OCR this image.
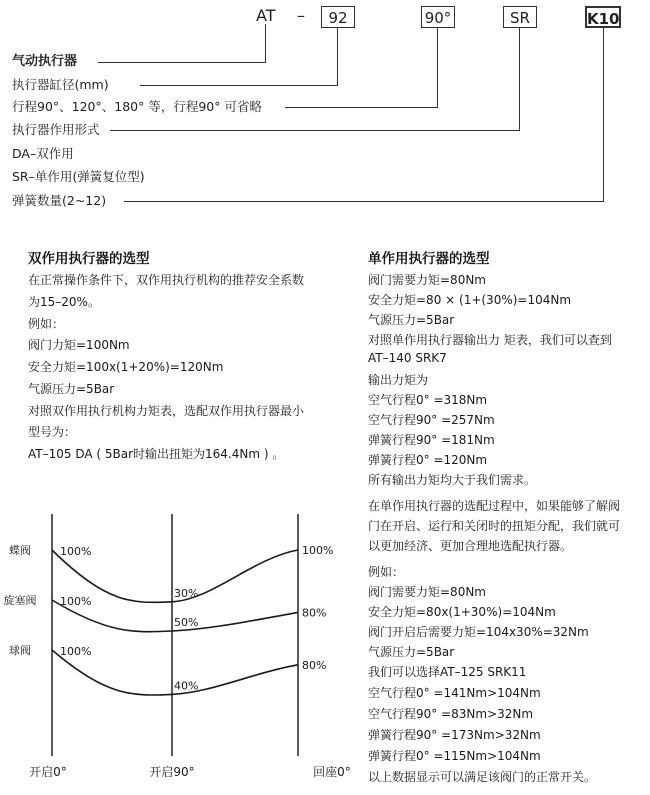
AT –	92	90°	SR	K10
气动执行器
执行器缸径(mm)
行程90°、120°、180° 等，行程90° 可省略
执行器作用形式
DA–双作用
SR–单作用(弹簧复位型)
弹簧数量(2~12)
双作用执行器的选型
在正常操作条件下，双作用执行机构的推荐安全系数
为15–20%。
例如：
阀门力矩=100Nm
安全力矩=100x(1+20%)=120Nm
气源压力=5Bar
对照双作用执行机构力矩表，选配双作用执行器最小
型号为：
AT–105 DA ( 5Bar时输出扭矩为164.4Nm ) 。
单作用执行器的选型
阀门需要力矩=80Nm
安全力矩=80 × (1+(30%)=104Nm
气源压力=5Bar
对照单作用执行器输出力 矩表，我们可以查到
AT–140 SRK7
输出力矩为
空气行程0° =318Nm
空气行程90° =257Nm
弹簧行程90° =181Nm
弹簧行程0° =120Nm
所有输出力矩均大于我们需求。
在单作用执行器的选配过程中，如果能够了解阀
门在开启、运行和关闭时的扭矩分配，我们就可
以更加经济、更加合理地选配执行器。
例如：
阀门需要力矩=80Nm
安全力矩=80x(1+30%)=104Nm
阀门开启后需要力矩=104x30%=32Nm
气源压力=5Bar
我们可以选择AT–125 SRK11
空气行程0° =141Nm>104Nm
空气行程90° =83Nm>32Nm
弹簧行程90° =173Nm>32Nm
弹簧行程0° =115Nm>104Nm
以上数据显示可以满足该阀门的正常开关。
蝶阀	100%
30%
100%
旋塞阀 100%
50%
80%
球阀	100%
40%
80%
开启0°	开启90°	回座0°
